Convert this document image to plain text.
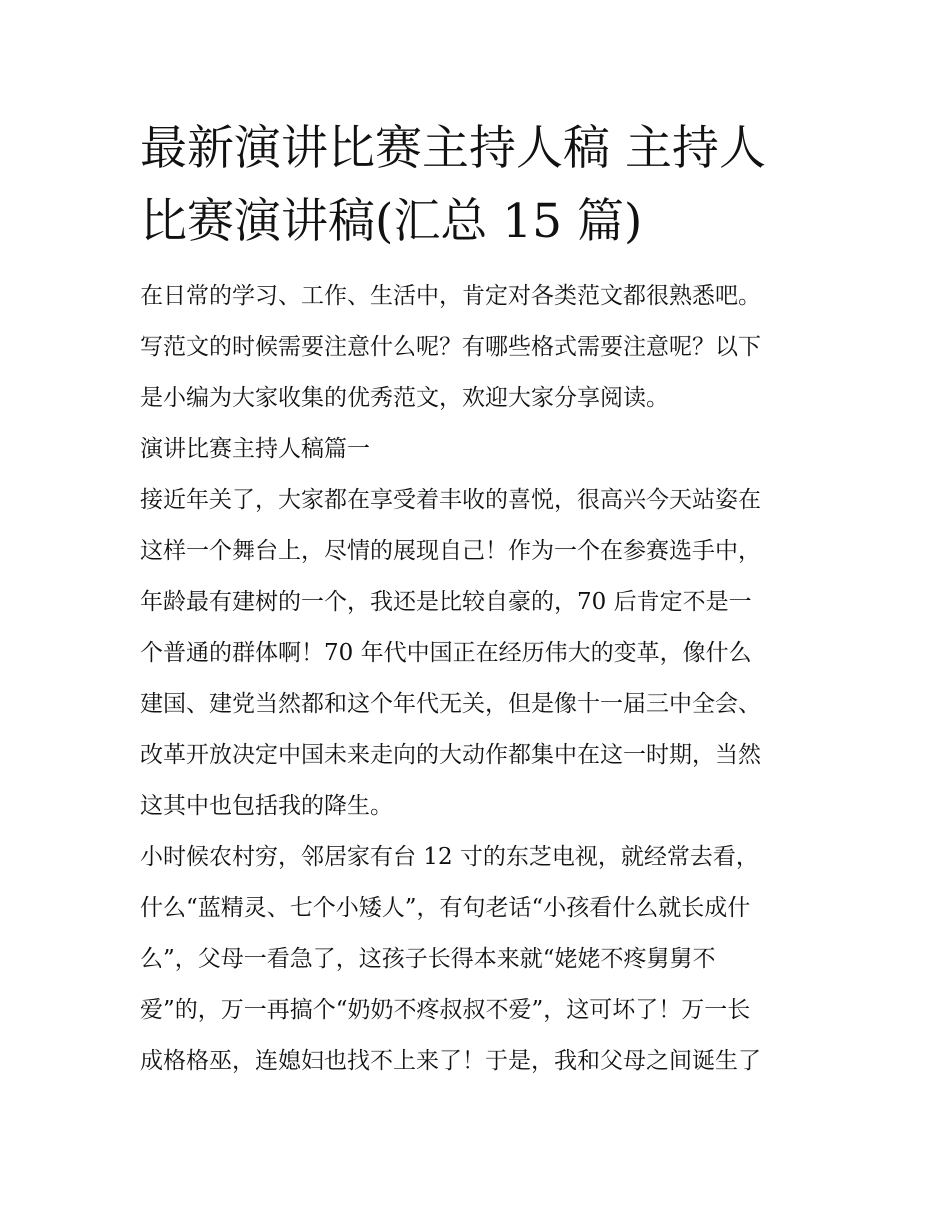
最新演讲比赛主持人稿 主持人
比赛演讲稿(汇总 15 篇)
在日常的学习、工作、生活中，肯定对各类范文都很熟悉吧。
写范文的时候需要注意什么呢？有哪些格式需要注意呢？以下
是小编为大家收集的优秀范文，欢迎大家分享阅读。
演讲比赛主持人稿篇一
接近年关了，大家都在享受着丰收的喜悦，很高兴今天站姿在
这样一个舞台上，尽情的展现自己！作为一个在参赛选手中，
年龄最有建树的一个，我还是比较自豪的，70 后肯定不是一
个普通的群体啊！70 年代中国正在经历伟大的变革，像什么
建国、建党当然都和这个年代无关，但是像十一届三中全会、
改革开放决定中国未来走向的大动作都集中在这一时期，当然
这其中也包括我的降生。
小时候农村穷，邻居家有台 12 寸的东芝电视，就经常去看，
什么“蓝精灵、七个小矮人”，有句老话“小孩看什么就长成什
么”，父母一看急了，这孩子长得本来就“姥姥不疼舅舅不
爱”的，万一再搞个“奶奶不疼叔叔不爱”，这可坏了！万一长
成格格巫，连媳妇也找不上来了！于是，我和父母之间诞生了
